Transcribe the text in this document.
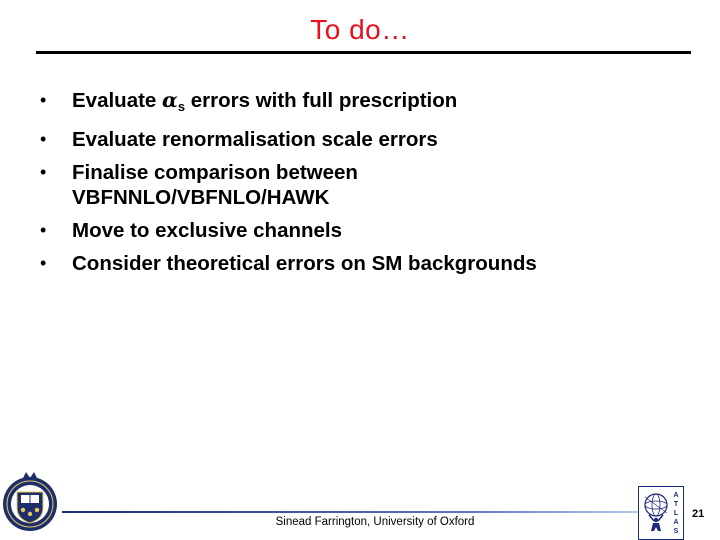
To do…
• Evaluate $\alpha_s$ errors with full prescription
• Evaluate renormalisation scale errors
• Finalise comparison between
VBFNNLO/VBFNLO/HAWK
• Move to exclusive channels
• Consider theoretical errors on SM backgrounds
Sinead Farrington, University of Oxford
A
T
L
A
S
21
